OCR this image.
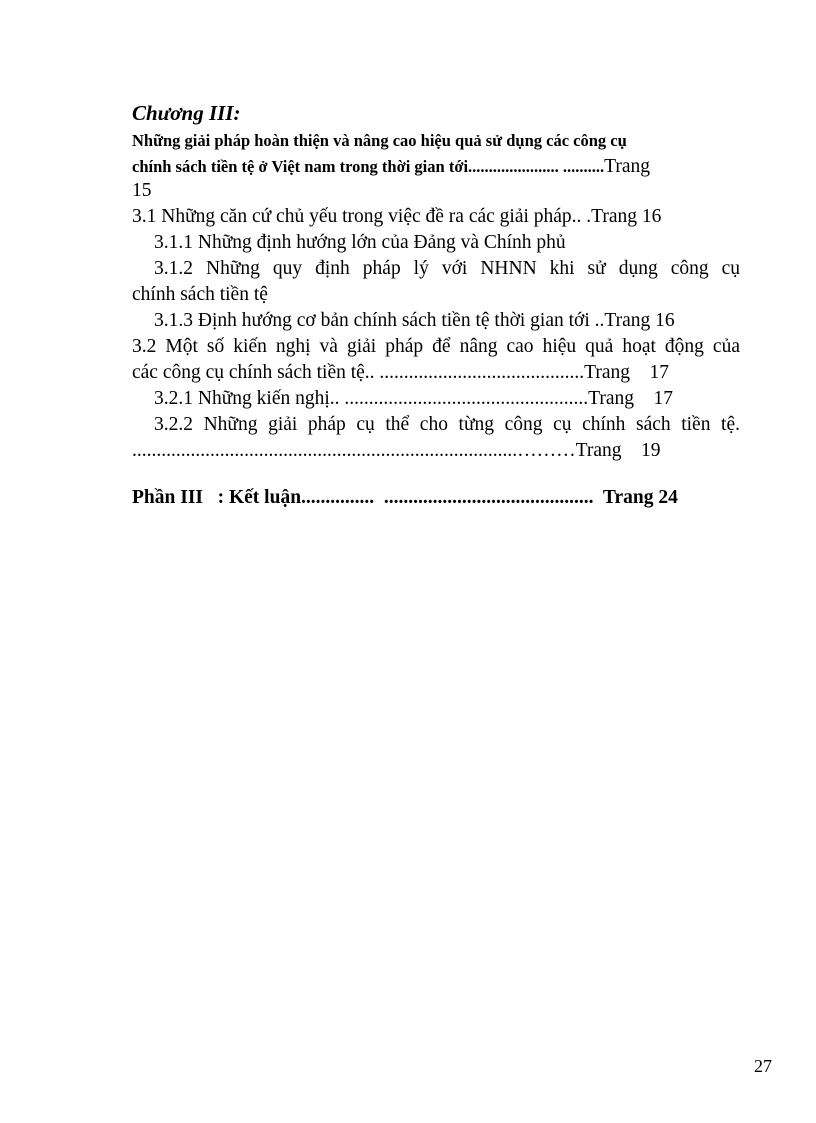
Chương III:
Những giải pháp hoàn thiện và nâng cao hiệu quả sử dụng các công cụ
chính sách tiền tệ ở Việt nam trong thời gian tới...................... ..........Trang
15
3.1 Những căn cứ chủ yếu trong việc đề ra các giải pháp.. .Trang 16
3.1.1 Những định hướng lớn của Đảng và Chính phủ
3.1.2 Những quy định pháp lý với NHNN khi sử dụng công cụ
chính sách tiền tệ
3.1.3 Định hướng cơ bản chính sách tiền tệ thời gian tới ..Trang 16
3.2 Một số kiến nghị và giải pháp để nâng cao hiệu quả hoạt động của
các công cụ chính sách tiền tệ.. ..........................................Trang    17
3.2.1 Những kiến nghị.. ..................................................Trang    17
3.2.2 Những giải pháp cụ thể cho từng công cụ chính sách tiền tệ.
...............................................................................………Trang    19
Phần III   : Kết luận...............  ...........................................  Trang 24
27
